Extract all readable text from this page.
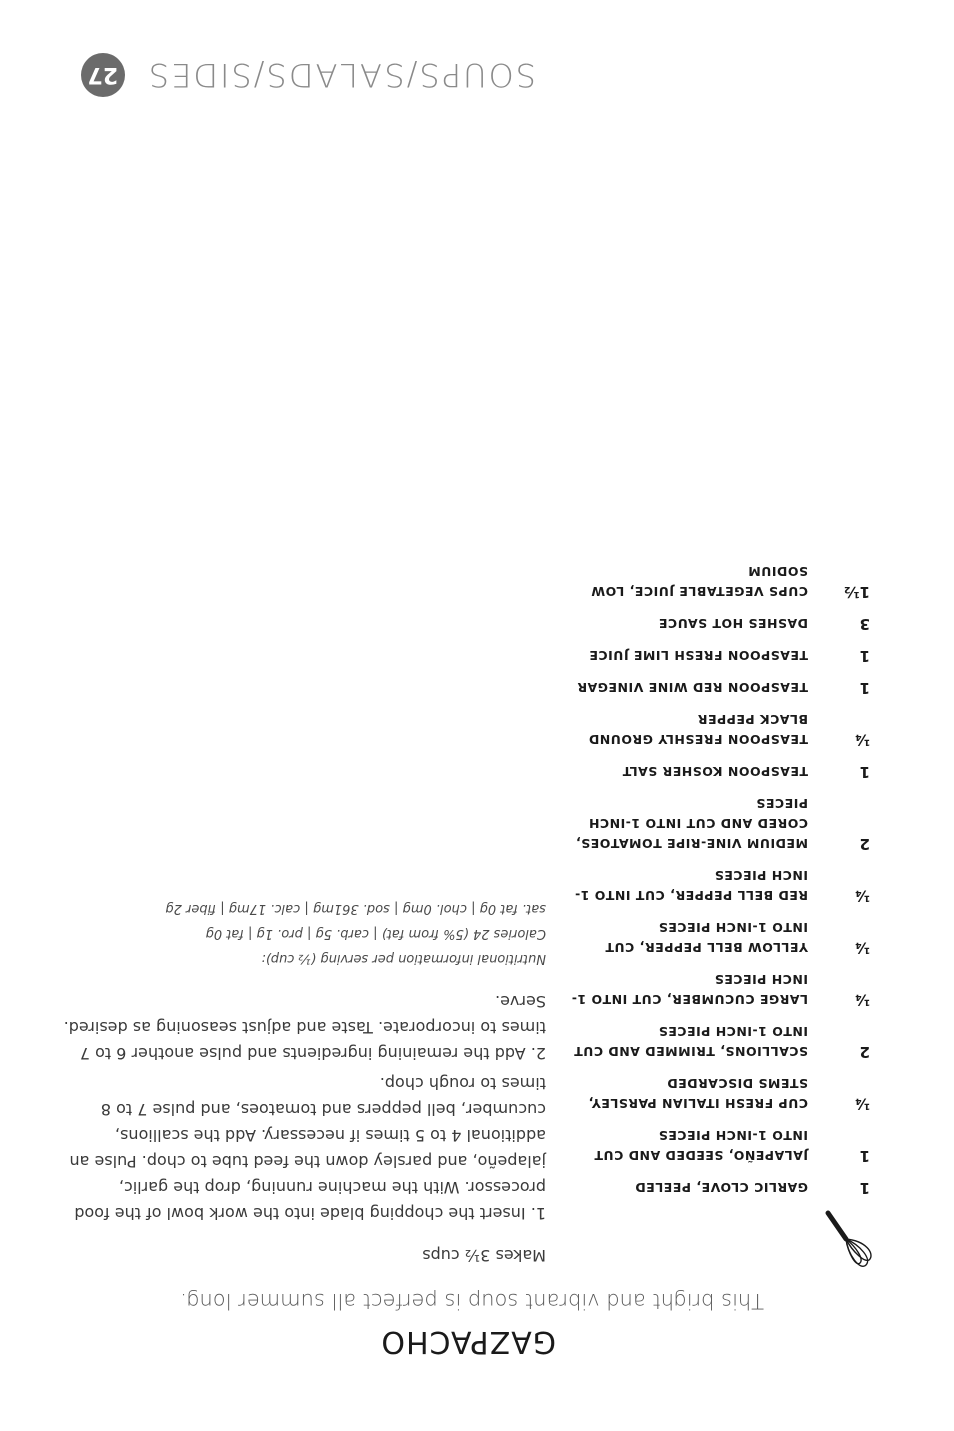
SOUPS/SALADS/SIDES
27
GAZPACHO
This bright and vibrant soup is perfect all summer long.
Makes 3½ cups
1
GARLIC CLOVE, PEELED
1
JALAPEÑO, SEEDED AND CUT INTO 1-INCH PIECES
¼
CUP FRESH ITALIAN PARSLEY, STEMS DISCARDED
2
SCALLIONS, TRIMMED AND CUT INTO 1-INCH PIECES
¼
LARGE CUCUMBER, CUT INTO 1-INCH PIECES
¼
YELLOW BELL PEPPER, CUT INTO 1-INCH PIECES
¼
RED BELL PEPPER, CUT INTO 1-INCH PIECES
2
MEDIUM VINE-RIPE TOMATOES, CORED AND CUT INTO 1-INCH PIECES
1
TEASPOON KOSHER SALT
¼
TEASPOON FRESHLY GROUND BLACK PEPPER
1
TEASPOON RED WINE VINEGAR
1
TEASPOON FRESH LIME JUICE
3
DASHES HOT SAUCE
1½
CUPS VEGETABLE JUICE, LOW SODIUM

1. Insert the chopping blade into the work bowl of the food processor. With the machine running, drop the garlic, jalapeño, and parsley down the feed tube to chop. Pulse an additional 4 to 5 times if necessary. Add the scallions, cucumber, bell peppers and tomatoes, and pulse 7 to 8 times to rough chop.

2. Add the remaining ingredients and pulse another 6 to 7 times to incorporate. Taste and adjust seasoning as desired. Serve.

Nutritional information per serving (½ cup):
Calories 24 (5% from fat) | carb. 5g | pro. 1g | fat 0g
sat. fat 0g | chol. 0mg | sod. 361mg | calc. 17mg | fiber 2g
